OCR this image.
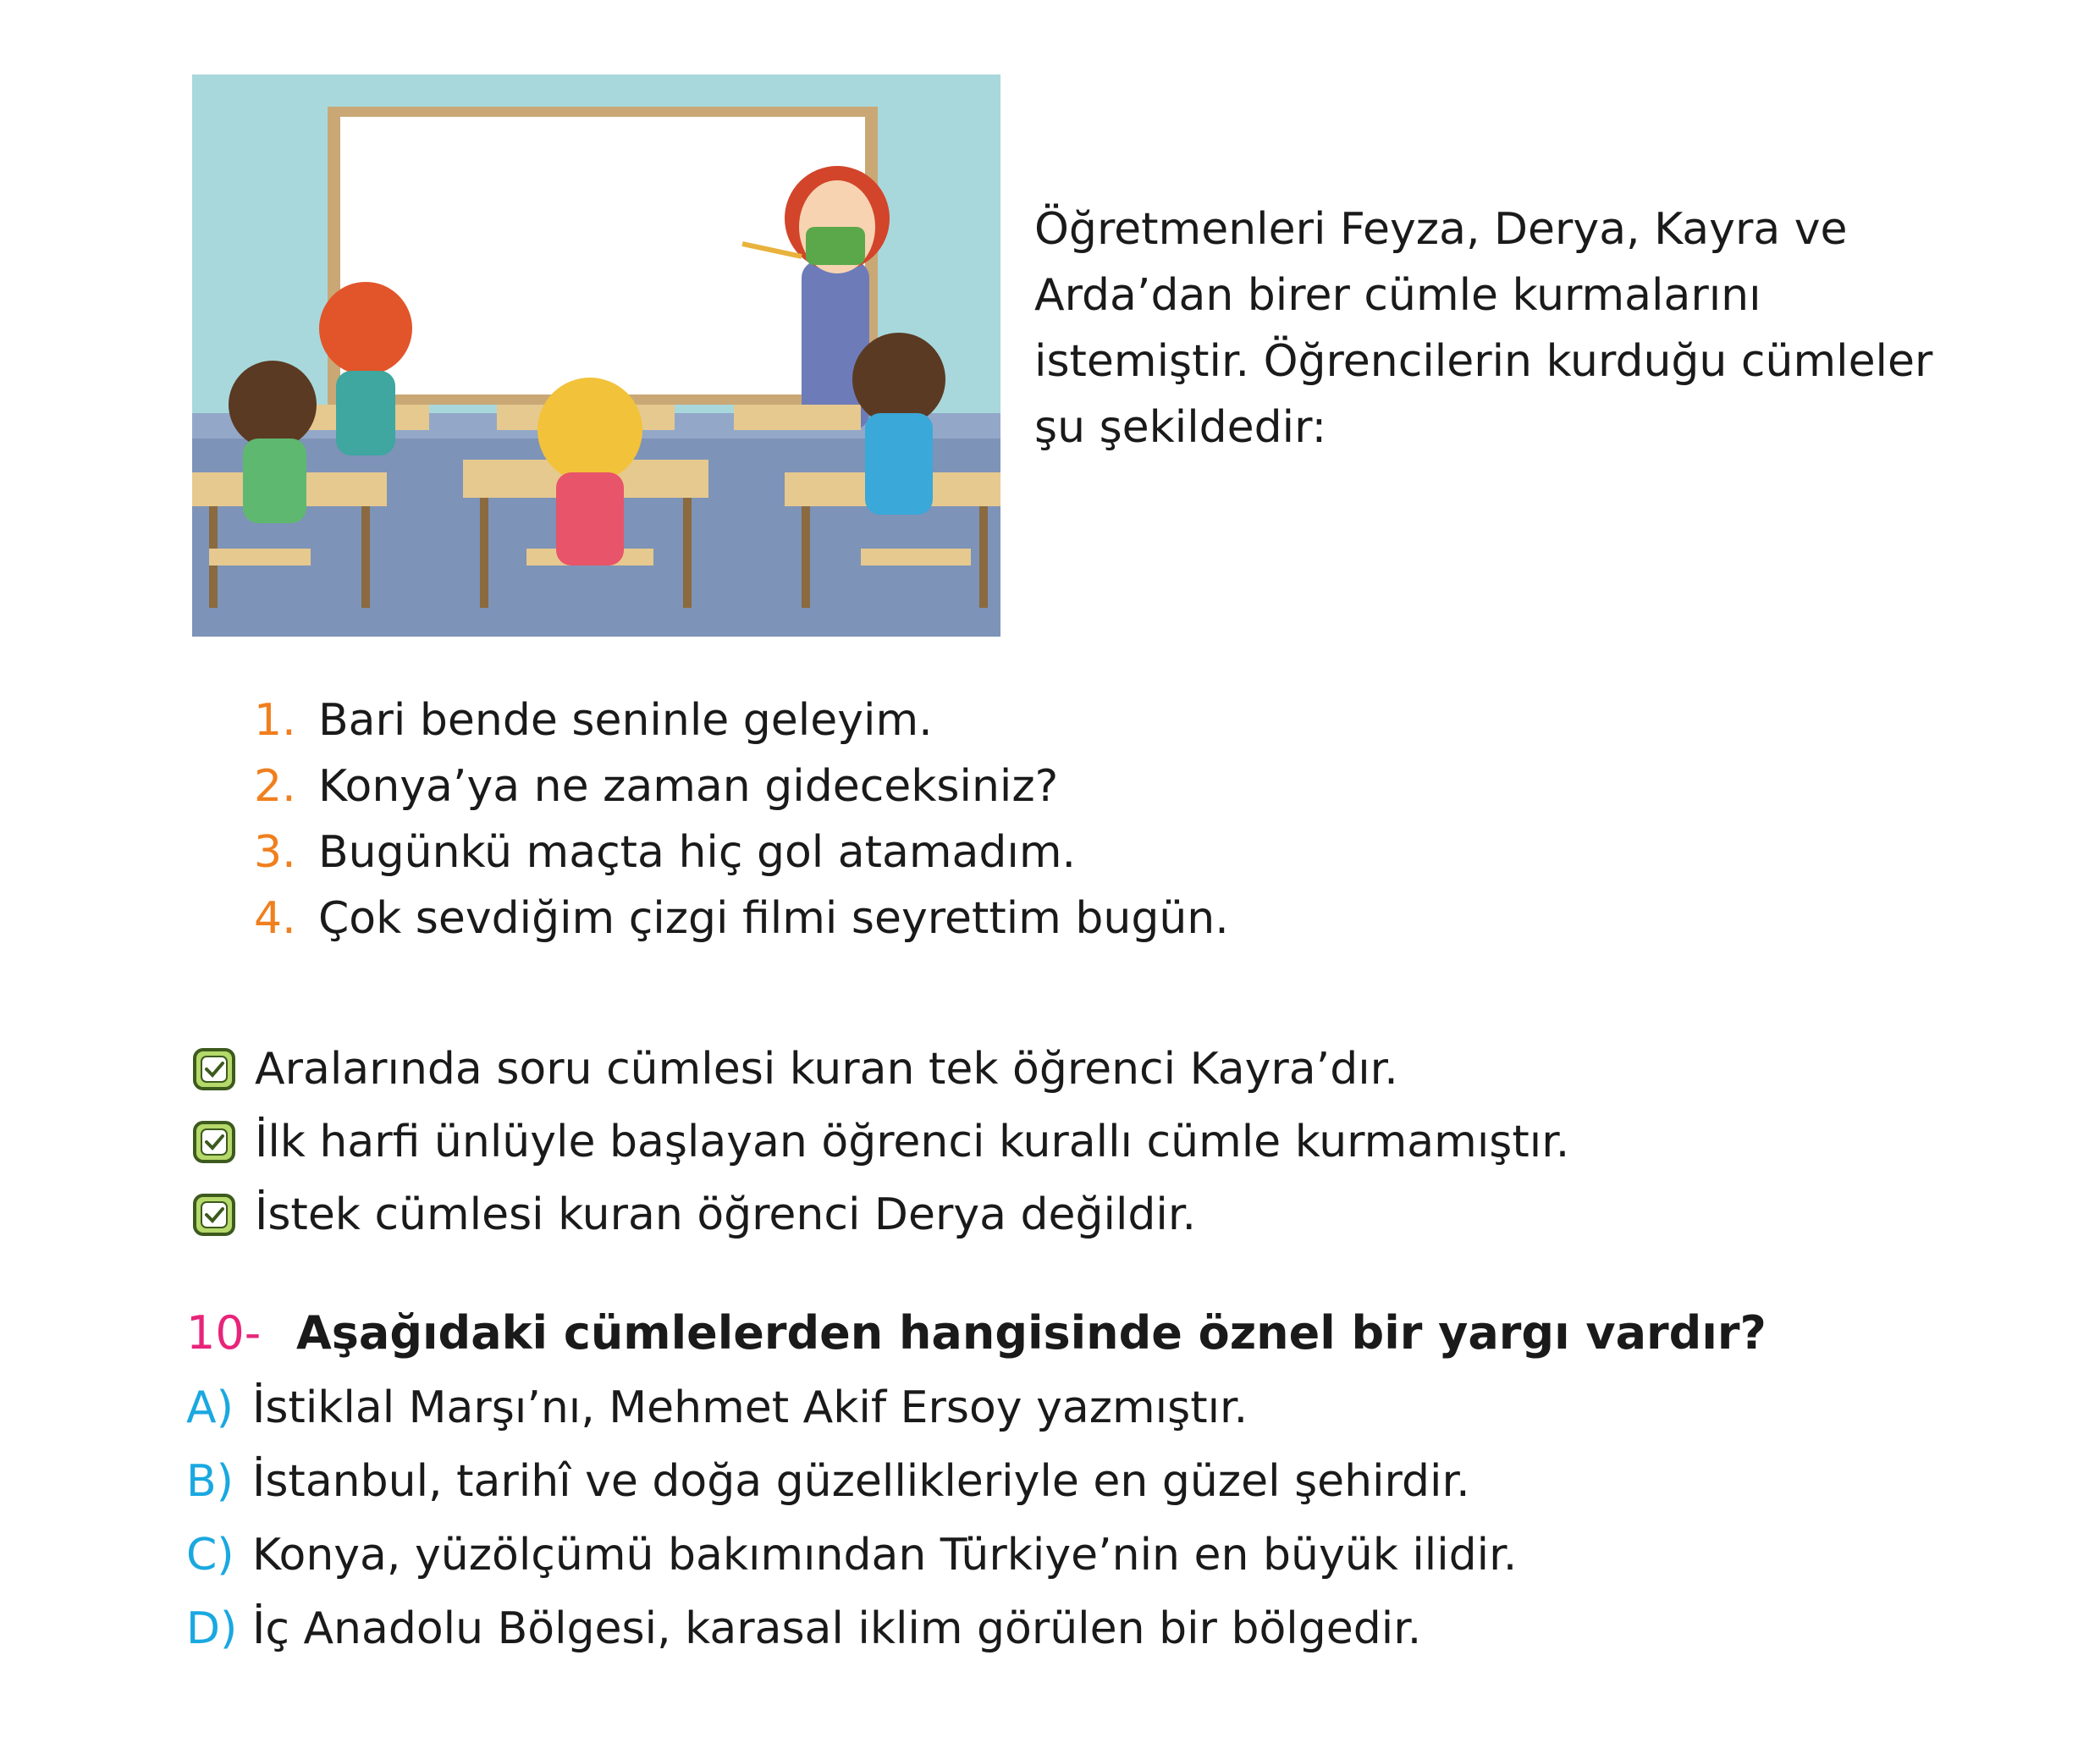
Öğretmenleri Feyza, Derya, Kayra ve
Arda’dan birer cümle kurmalarını
istemiştir. Öğrencilerin kurduğu cümleler
şu şekildedir:

1. Bari bende seninle geleyim.
2. Konya’ya ne zaman gideceksiniz?
3. Bugünkü maçta hiç gol atamadım.
4. Çok sevdiğim çizgi filmi seyrettim bugün.
Aralarında soru cümlesi kuran tek öğrenci Kayra’dır.
İlk harfi ünlüyle başlayan öğrenci kurallı cümle kurmamıştır.
İstek cümlesi kuran öğrenci Derya değildir.
10- Aşağıdaki cümlelerden hangisinde öznel bir yargı vardır?
A) İstiklal Marşı’nı, Mehmet Akif Ersoy yazmıştır.
B) İstanbul, tarihî ve doğa güzellikleriyle en güzel şehirdir.
C) Konya, yüzölçümü bakımından Türkiye’nin en büyük ilidir.
D) İç Anadolu Bölgesi, karasal iklim görülen bir bölgedir.
